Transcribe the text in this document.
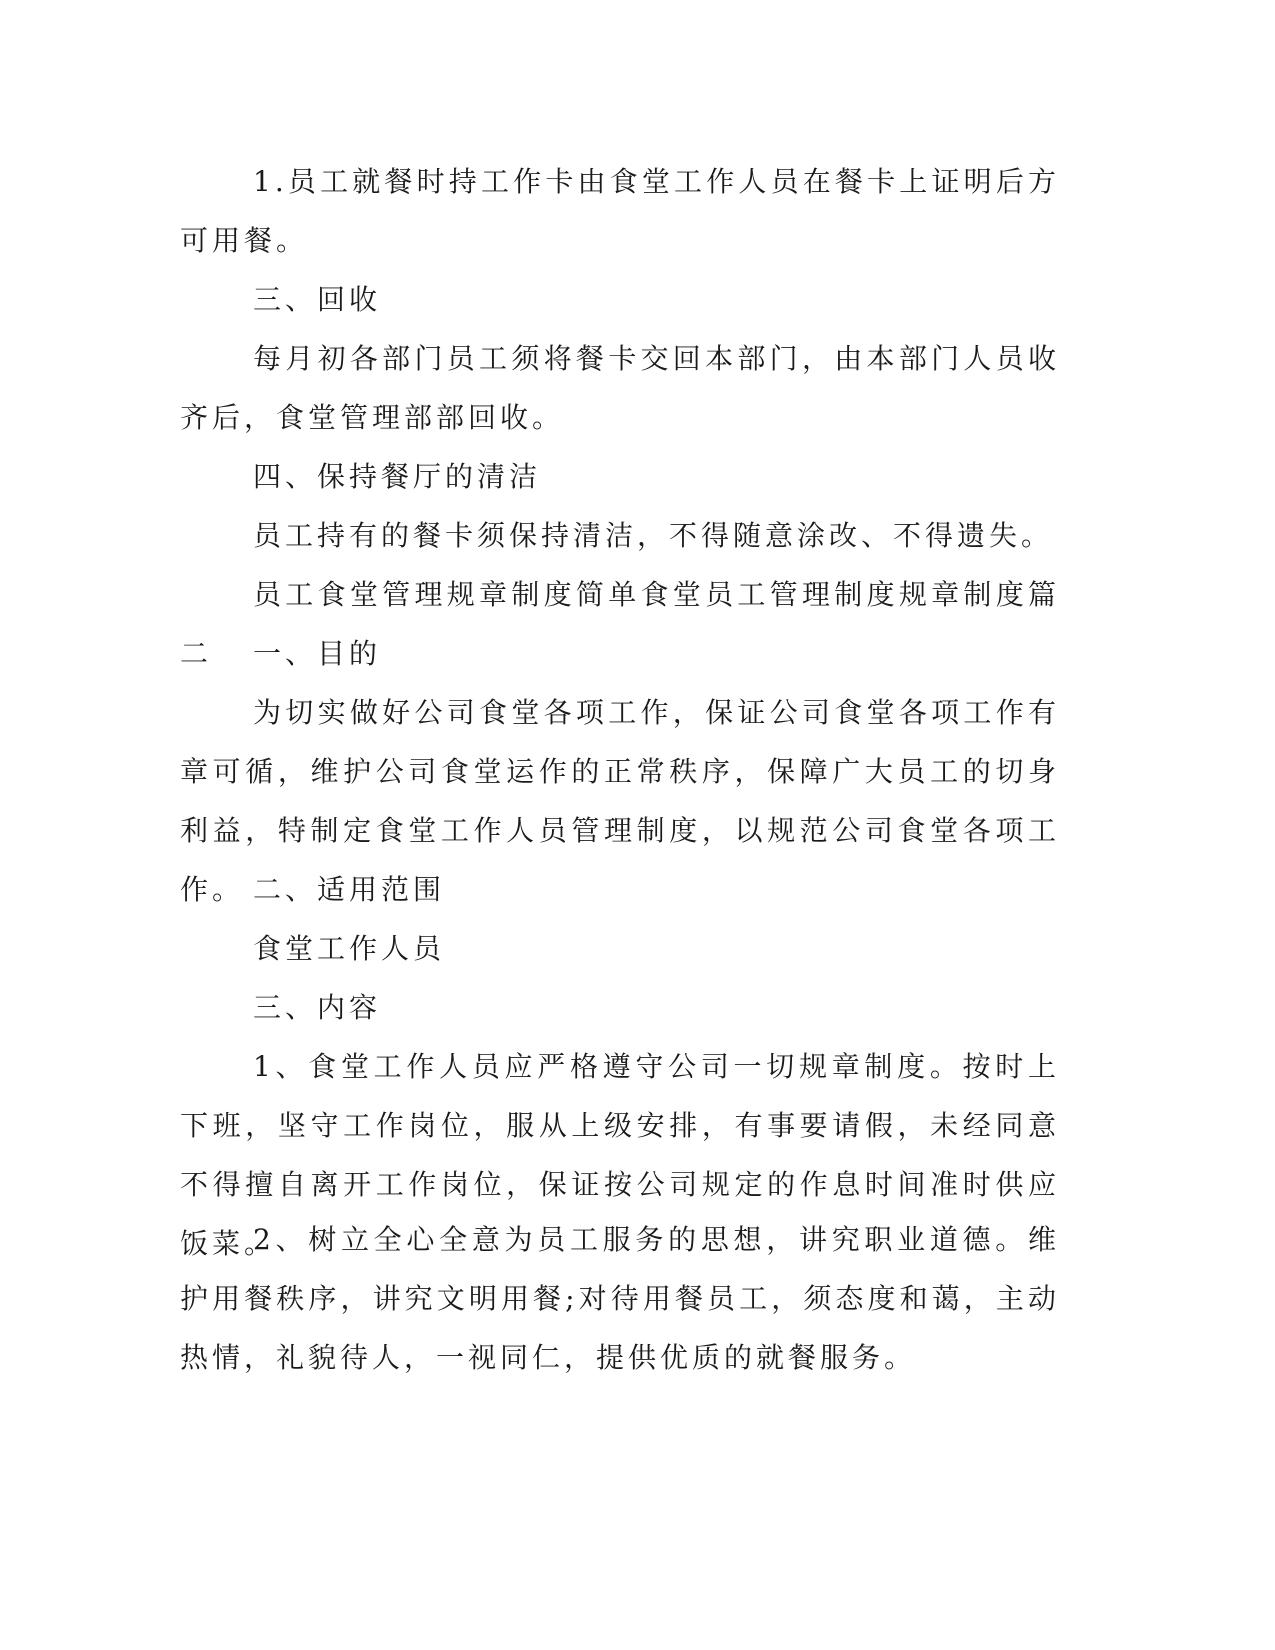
1.员工就餐时持工作卡由食堂工作人员在餐卡上证明后方可用餐。

三、回收

每月初各部门员工须将餐卡交回本部门，由本部门人员收齐后，食堂管理部部回收。

四、保持餐厅的清洁

员工持有的餐卡须保持清洁，不得随意涂改、不得遗失。

员工食堂管理规章制度简单食堂员工管理制度规章制度篇二	一、目的

为切实做好公司食堂各项工作，保证公司食堂各项工作有章可循，维护公司食堂运作的正常秩序，保障广大员工的切身利益，特制定食堂工作人员管理制度，以规范公司食堂各项工作。 二、适用范围

食堂工作人员

三、内容

1、食堂工作人员应严格遵守公司一切规章制度。按时上下班，坚守工作岗位，服从上级安排，有事要请假，未经同意不得擅自离开工作岗位，保证按公司规定的作息时间准时供应饭菜。

2、树立全心全意为员工服务的思想，讲究职业道德。维护用餐秩序，讲究文明用餐;对待用餐员工，须态度和蔼，主动热情，礼貌待人，一视同仁，提供优质的就餐服务。
